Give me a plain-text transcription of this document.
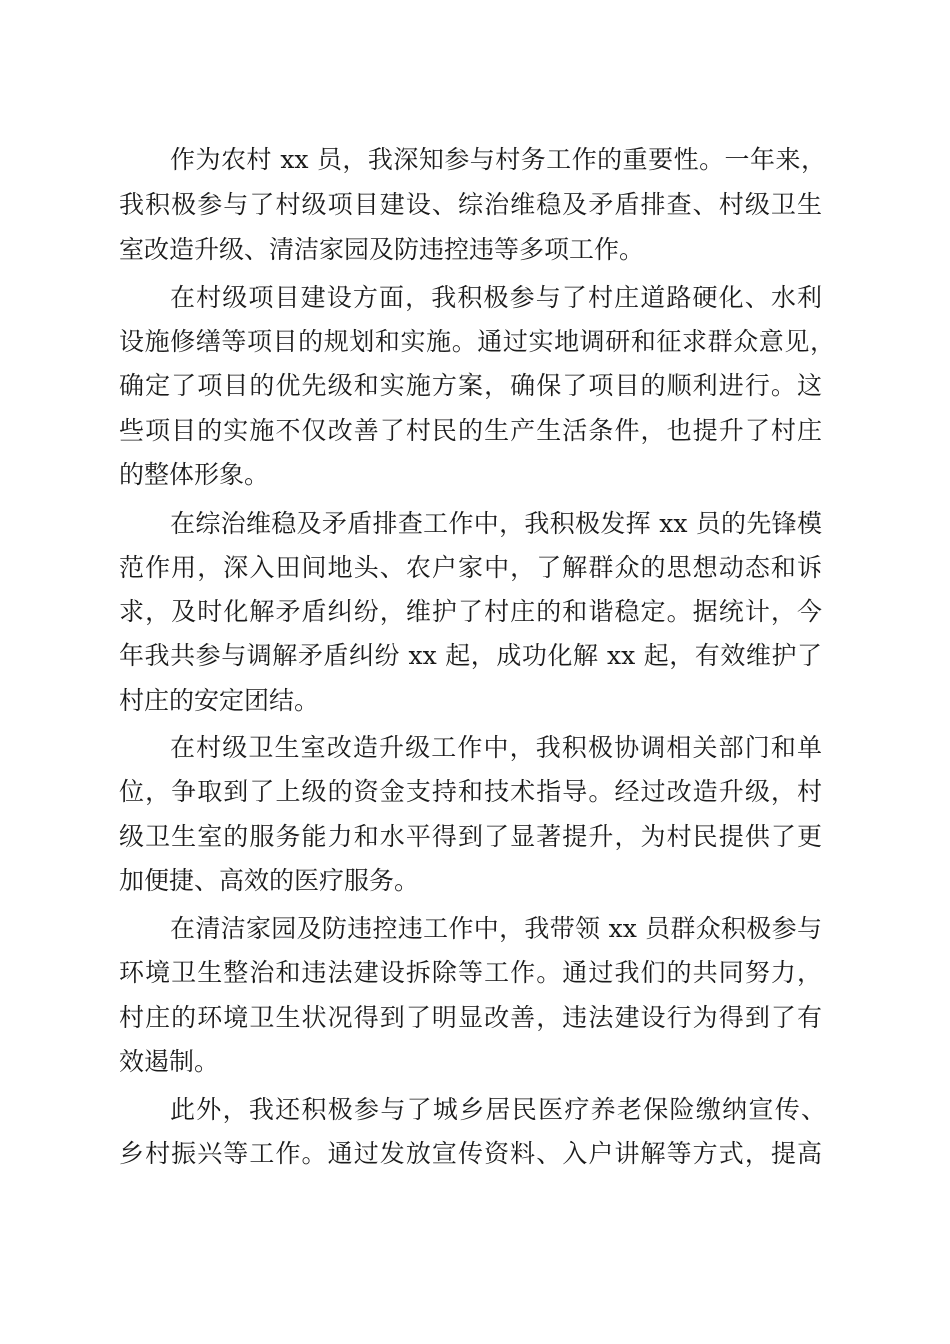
作为农村 xx 员，我深知参与村务工作的重要性。一年来，
我积极参与了村级项目建设、综治维稳及矛盾排查、村级卫生
室改造升级、清洁家园及防违控违等多项工作。
在村级项目建设方面，我积极参与了村庄道路硬化、水利
设施修缮等项目的规划和实施。通过实地调研和征求群众意见，
确定了项目的优先级和实施方案，确保了项目的顺利进行。这
些项目的实施不仅改善了村民的生产生活条件，也提升了村庄
的整体形象。
在综治维稳及矛盾排查工作中，我积极发挥 xx 员的先锋模
范作用，深入田间地头、农户家中，了解群众的思想动态和诉
求，及时化解矛盾纠纷，维护了村庄的和谐稳定。据统计，今
年我共参与调解矛盾纠纷 xx 起，成功化解 xx 起，有效维护了
村庄的安定团结。
在村级卫生室改造升级工作中，我积极协调相关部门和单
位，争取到了上级的资金支持和技术指导。经过改造升级，村
级卫生室的服务能力和水平得到了显著提升，为村民提供了更
加便捷、高效的医疗服务。
在清洁家园及防违控违工作中，我带领 xx 员群众积极参与
环境卫生整治和违法建设拆除等工作。通过我们的共同努力，
村庄的环境卫生状况得到了明显改善，违法建设行为得到了有
效遏制。
此外，我还积极参与了城乡居民医疗养老保险缴纳宣传、
乡村振兴等工作。通过发放宣传资料、入户讲解等方式，提高
